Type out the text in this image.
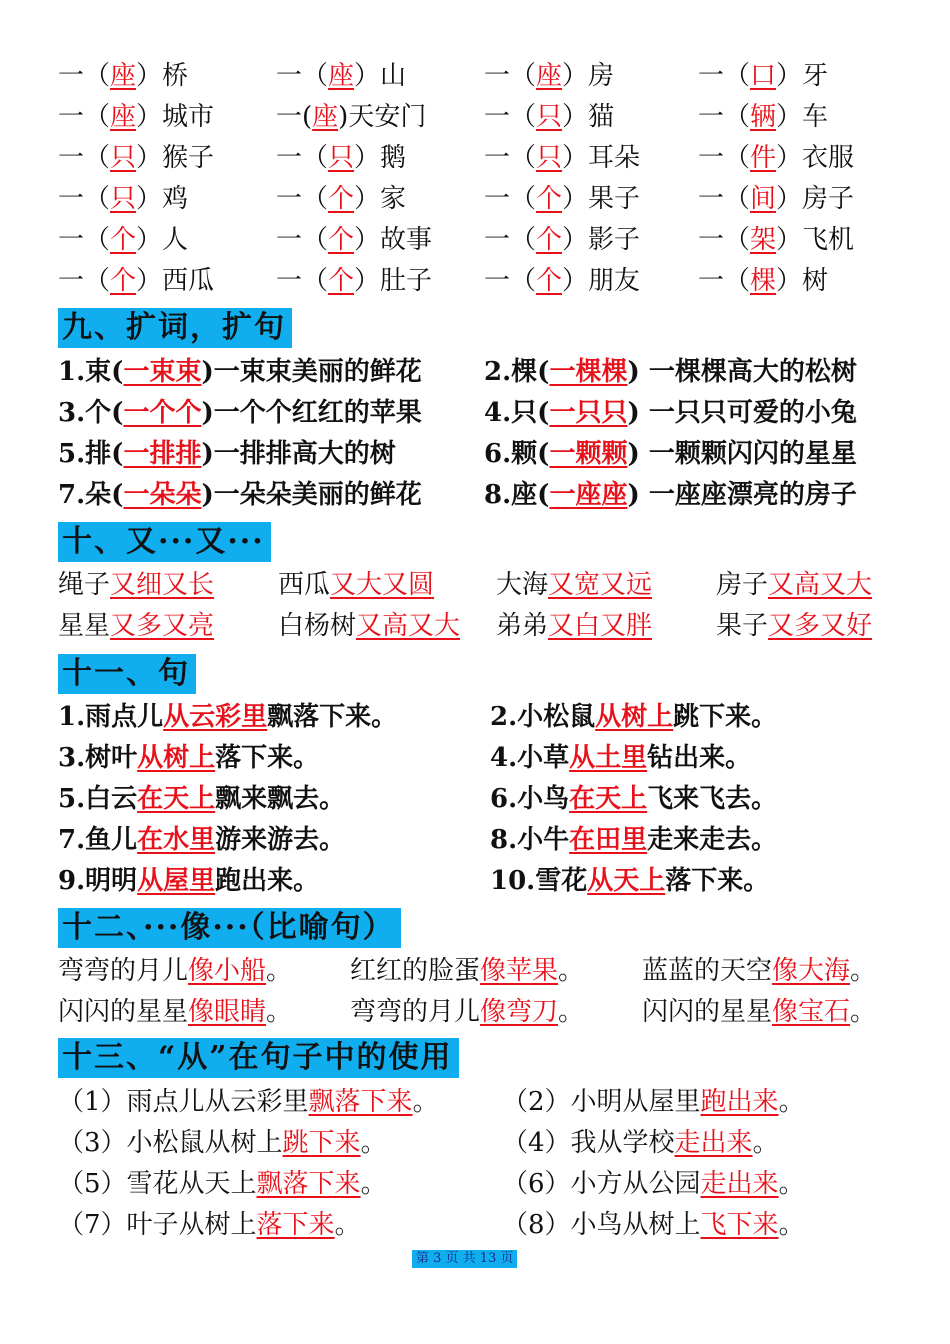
一（座）桥	一（座）山	一（座）房	一（口）牙
一（座）城市 一(座)天安门 一（只）猫	一（辆）车
一（只）猴子 一（只）鹅	一（只）耳朵 一（件）衣服
一（只）鸡	一（个）家	一（个）果子 一（间）房子
一（个）人	一（个）故事 一（个）影子 一（架）飞机
一（个）西瓜 一（个）肚子 一（个）朋友 一（棵）树
九、扩词，扩句
1.束(一束束)一束束美丽的鲜花 2.棵(一棵棵) 一棵棵高大的松树
3.个(一个个)一个个红红的苹果 4.只(一只只) 一只只可爱的小兔
5.排(一排排)一排排高大的树	6.颗(一颗颗) 一颗颗闪闪的星星
7.朵(一朵朵)一朵朵美丽的鲜花 8.座(一座座) 一座座漂亮的房子
十、又···又···
绳子又细又长 西瓜又大又圆 大海又宽又远 房子又高又大
星星又多又亮 白杨树又高又大 弟弟又白又胖 果子又多又好
十一、句
1.雨点儿从云彩里飘落下来。	2.小松鼠从树上跳下来。
3.树叶从树上落下来。	4.小草从土里钻出来。
5.白云在天上飘来飘去。	6.小鸟在天上飞来飞去。
7.鱼儿在水里游来游去。	8.小牛在田里走来走去。
9.明明从屋里跑出来。	10.雪花从天上落下来。
十二、···像···（比喻句）
弯弯的月儿像小船。 红红的脸蛋像苹果。 蓝蓝的天空像大海。
闪闪的星星像眼睛。 弯弯的月儿像弯刀。 闪闪的星星像宝石。
十三、“从”在句子中的使用
（1）雨点儿从云彩里飘落下来。 （2）小明从屋里跑出来。
（3）小松鼠从树上跳下来。	（4）我从学校走出来。
（5）雪花从天上飘落下来。	（6）小方从公园走出来。
（7）叶子从树上落下来。	（8）小鸟从树上飞下来。
第 3 页 共 13 页
